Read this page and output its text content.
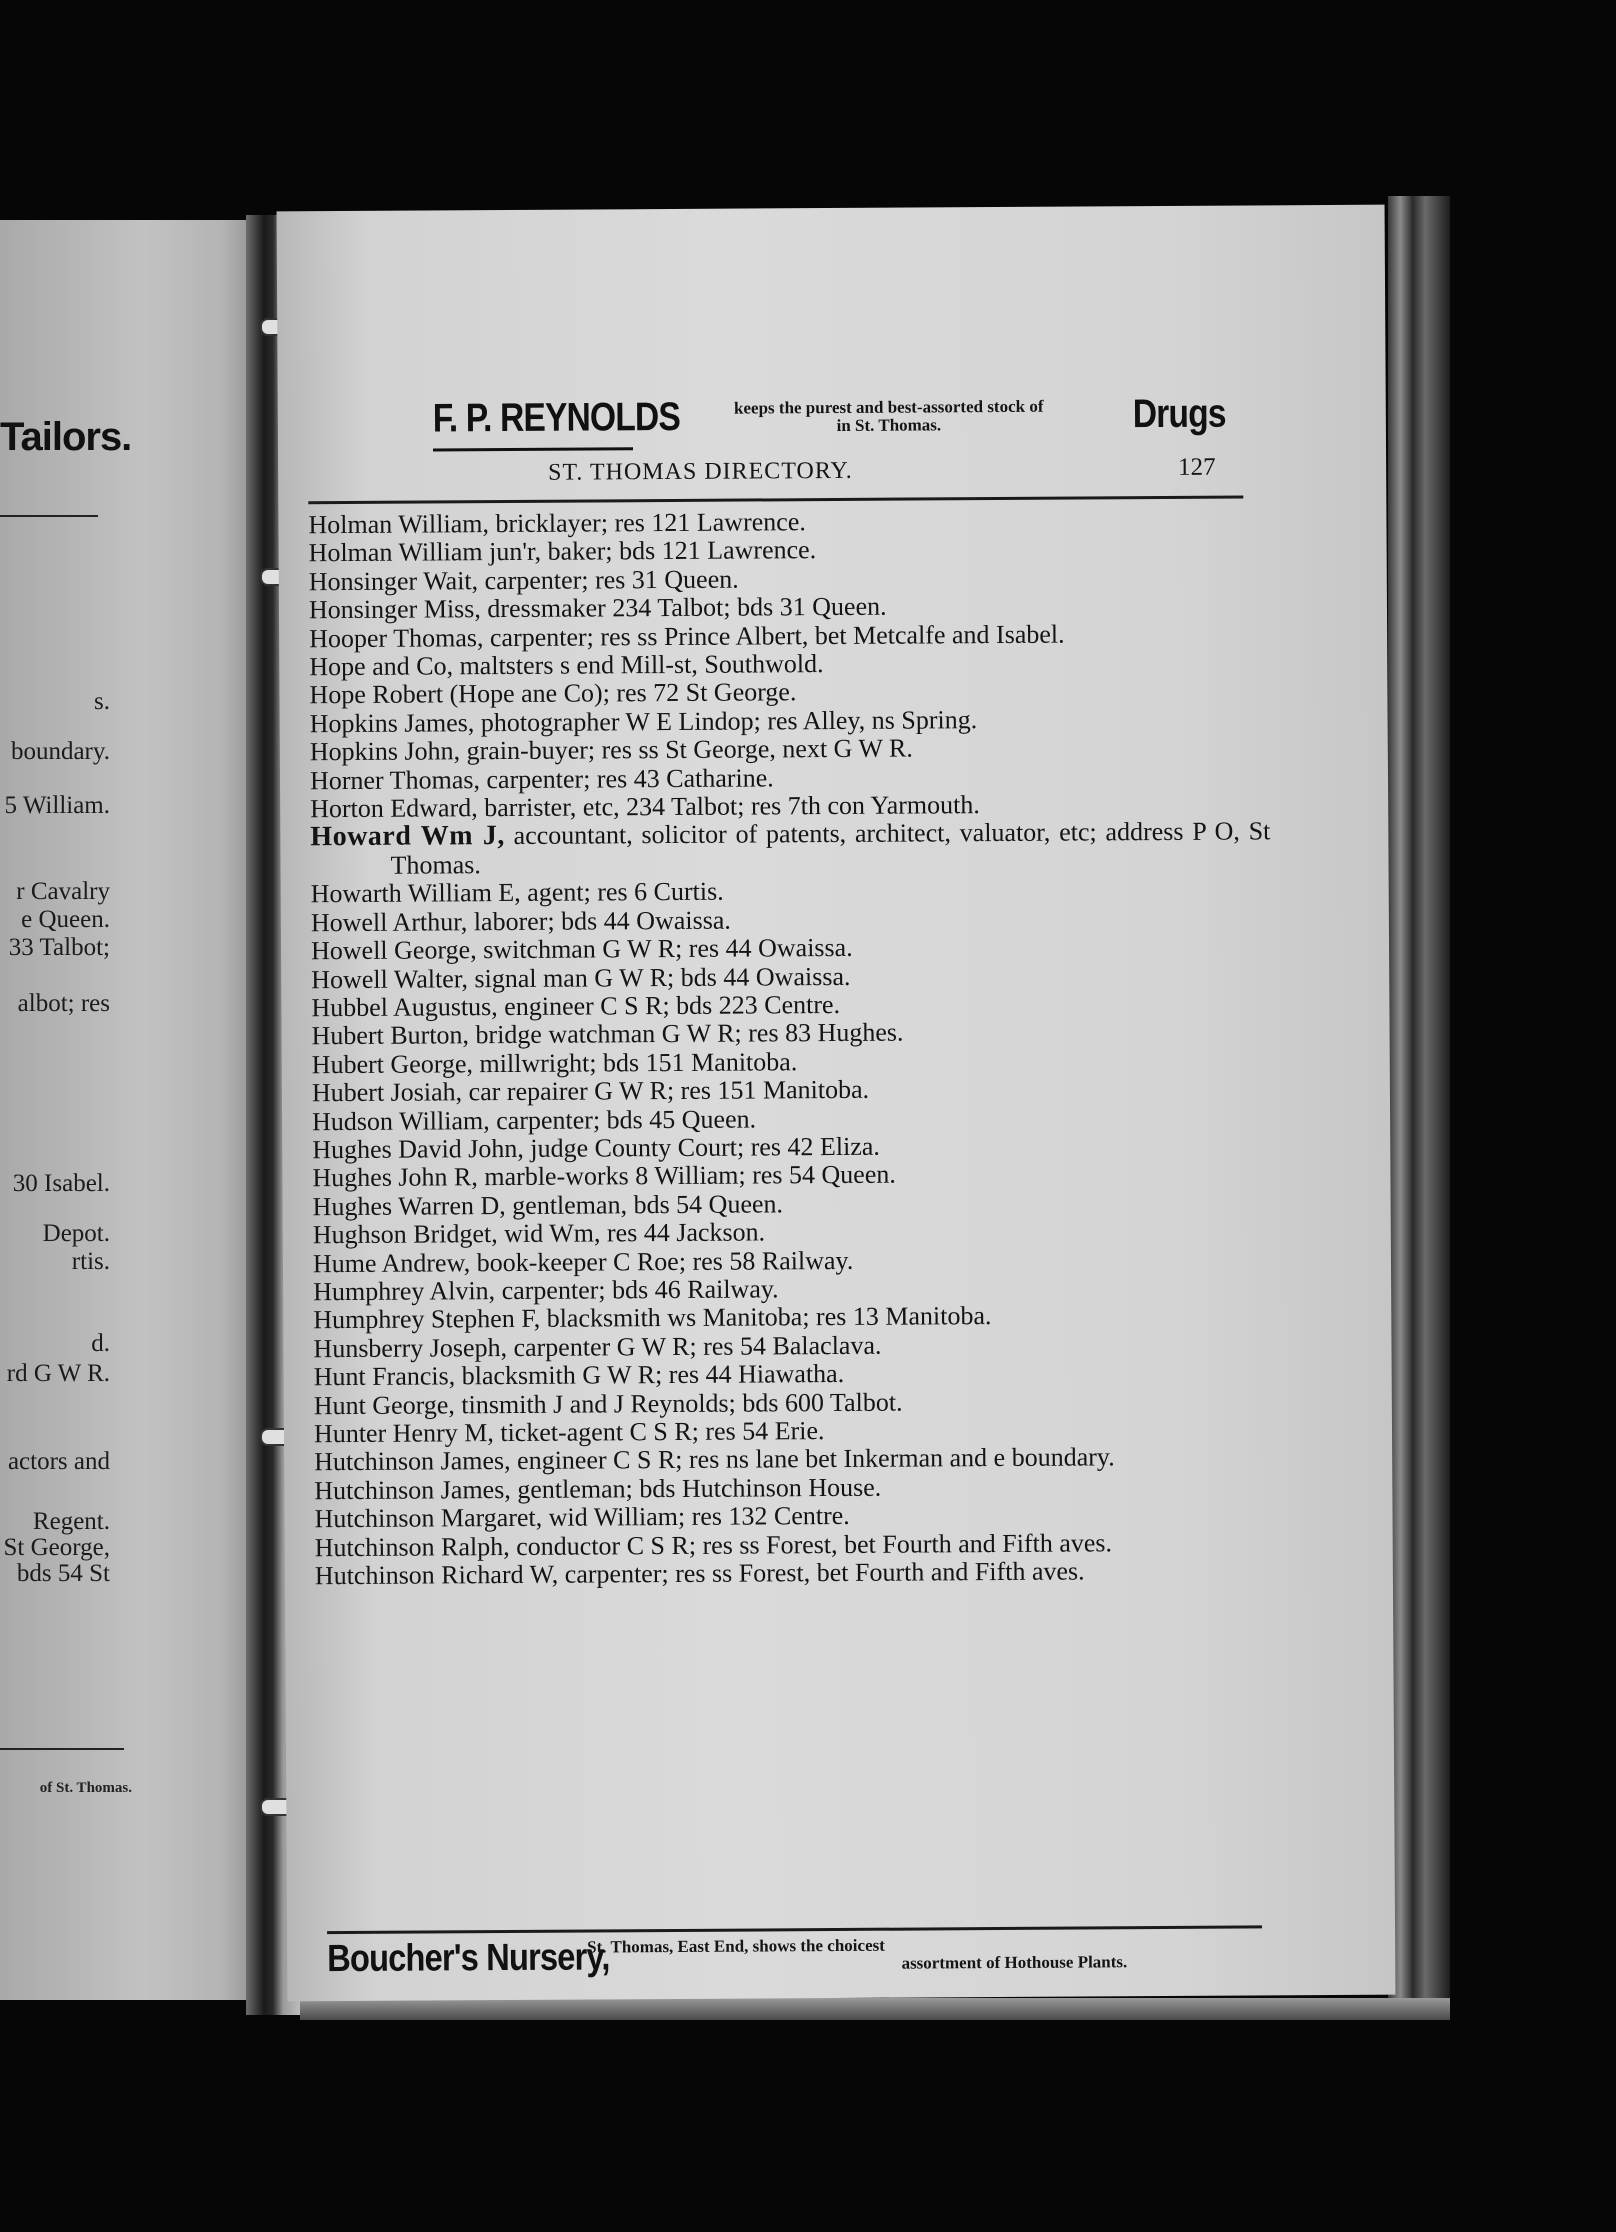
Tailors.
s.
boundary.
5 William.
r Cavalry
e Queen.
33 Talbot;
albot; res
30 Isabel.
Depot.
rtis.
d.
rd G W R.
actors and
Regent.
St George,
bds 54 St
of St. Thomas.
F. P. REYNOLDS	keeps the purest and best-assorted stock of
in St. Thomas.	Drugs
ST. THOMAS DIRECTORY.	127
Holman William, bricklayer; res 121 Lawrence.
Holman William jun'r, baker; bds 121 Lawrence.
Honsinger Wait, carpenter; res 31 Queen.
Honsinger Miss, dressmaker 234 Talbot; bds 31 Queen.
Hooper Thomas, carpenter; res ss Prince Albert, bet Metcalfe and Isabel.
Hope and Co, maltsters s end Mill-st, Southwold.
Hope Robert (Hope ane Co); res 72 St George.
Hopkins James, photographer W E Lindop; res Alley, ns Spring.
Hopkins John, grain-buyer; res ss St George, next G W R.
Horner Thomas, carpenter; res 43 Catharine.
Horton Edward, barrister, etc, 234 Talbot; res 7th con Yarmouth.
Howard Wm J, accountant, solicitor of patents, architect, valuator, etc; address P O, St Thomas.
Howarth William E, agent; res 6 Curtis.
Howell Arthur, laborer; bds 44 Owaissa.
Howell George, switchman G W R; res 44 Owaissa.
Howell Walter, signal man G W R; bds 44 Owaissa.
Hubbel Augustus, engineer C S R; bds 223 Centre.
Hubert Burton, bridge watchman G W R; res 83 Hughes.
Hubert George, millwright; bds 151 Manitoba.
Hubert Josiah, car repairer G W R; res 151 Manitoba.
Hudson William, carpenter; bds 45 Queen.
Hughes David John, judge County Court; res 42 Eliza.
Hughes John R, marble-works 8 William; res 54 Queen.
Hughes Warren D, gentleman, bds 54 Queen.
Hughson Bridget, wid Wm, res 44 Jackson.
Hume Andrew, book-keeper C Roe; res 58 Railway.
Humphrey Alvin, carpenter; bds 46 Railway.
Humphrey Stephen F, blacksmith ws Manitoba; res 13 Manitoba.
Hunsberry Joseph, carpenter G W R; res 54 Balaclava.
Hunt Francis, blacksmith G W R; res 44 Hiawatha.
Hunt George, tinsmith J and J Reynolds; bds 600 Talbot.
Hunter Henry M, ticket-agent C S R; res 54 Erie.
Hutchinson James, engineer C S R; res ns lane bet Inkerman and e boundary.
Hutchinson James, gentleman; bds Hutchinson House.
Hutchinson Margaret, wid William; res 132 Centre.
Hutchinson Ralph, conductor C S R; res ss Forest, bet Fourth and Fifth aves.
Hutchinson Richard W, carpenter; res ss Forest, bet Fourth and Fifth aves.
Boucher's Nursery,
St. Thomas, East End, shows the choicest
assortment of Hothouse Plants.
